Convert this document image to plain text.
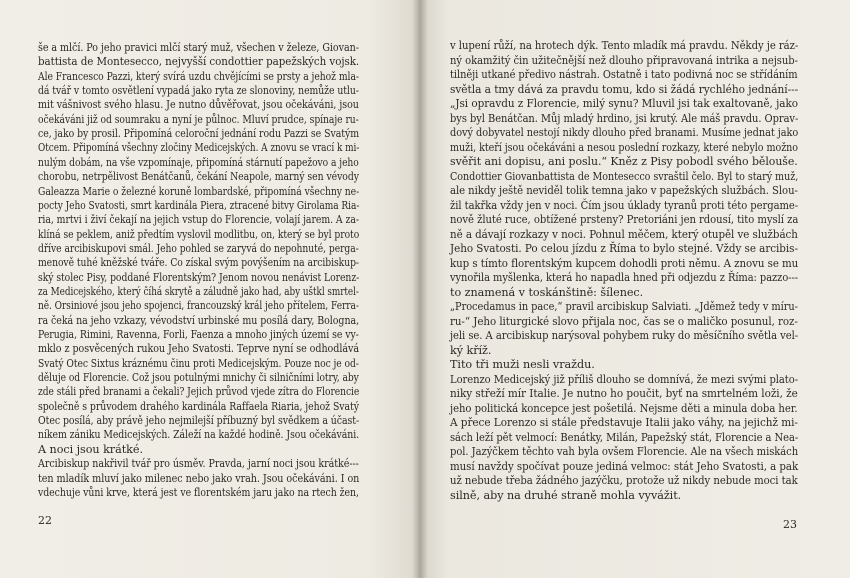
še a mlčí. Po jeho pravici mlčí starý muž, všechen v železe, Giovan-
battista de Montesecco, nejvyšší condottier papežských vojsk.
Ale Francesco Pazzi, který svírá uzdu chvějícími se prsty a jehož mla-
dá tvář v tomto osvětlení vypadá jako ryta ze slonoviny, nemůže utlu-
mit vášnivost svého hlasu. Je nutno důvěřovat, jsou očekáváni, jsou
očekáváni již od soumraku a nyní je půlnoc. Mluví prudce, spínaje ru-
ce, jako by prosil. Připomíná celoroční jednání rodu Pazzi se Svatým
Otcem. Připomíná všechny zločiny Medicejských. A znovu se vrací k mi-
nulým dobám, na vše vzpomínaje, připomíná stárnutí papežovo a jeho
chorobu, netrpělivost Benátčanů, čekání Neapole, marný sen vévody
Galeazza Marie o železné koruně lombardské, připomíná všechny ne-
pocty Jeho Svatosti, smrt kardinála Piera, ztracené bitvy Girolama Ria-
ria, mrtvi i živí čekají na jejich vstup do Florencie, volají jarem. A za-
klíná se peklem, aniž předtím vyslovil modlitbu, on, který se byl proto
dříve arcibiskupovi smál. Jeho pohled se zaryvá do nepohnuté, perga-
menově tuhé kněžské tváře. Co získal svým povýšením na arcibiskup-
ský stolec Pisy, poddané Florentským? Jenom novou nenávist Lorenz-
za Medicejského, který číhá skrytě a záludně jako had, aby uštkl smrtel-
ně. Orsiniové jsou jeho spojenci, francouzský král jeho přítelem, Ferra-
ra čeká na jeho vzkazy, vévodství urbinské mu posílá dary, Bologna,
Perugia, Rimini, Ravenna, Forli, Faenza a mnoho jiných území se vy-
mklo z posvěcených rukou Jeho Svatosti. Teprve nyní se odhodlává
Svatý Otec Sixtus kráznému činu proti Medicejským. Pouze noc je od-
děluje od Florencie. Což jsou potulnými mnichy či silničními lotry, aby
zde stáli před branami a čekali? Jejich průvod vjede zítra do Florencie
společně s průvodem drahého kardinála Raffaela Riaria, jehož Svatý
Otec posílá, aby právě jeho nejmilejší příbuzný byl svědkem a účast-
níkem zániku Medicejských. Záleží na každé hodině. Jsou očekáváni.
A noci jsou krátké.
Arcibiskup nakřivil tvář pro úsměv. Pravda, jarní noci jsou krátké---
ten mladík mluví jako milenec nebo jako vrah. Jsou očekáváni. I on
vdechuje vůni krve, která jest ve florentském jaru jako na rtech žen,
22
v lupení růží, na hrotech dýk. Tento mladík má pravdu. Někdy je ráz-
ný okamžitý čin užitečnější než dlouho připravovaná intrika a nejsub-
tilněji utkané předivo nástrah. Ostatně i tato podivná noc se střídáním
světla a tmy dává za pravdu tomu, kdo si žádá rychlého jednání---
„Jsi opravdu z Florencie, milý synu? Mluvil jsi tak exaltovaně, jako
bys byl Benátčan. Můj mladý hrdino, jsi krutý. Ale máš pravdu. Oprav-
dový dobyvatel nestojí nikdy dlouho před branami. Musíme jednat jako
muži, kteří jsou očekáváni a nesou poslední rozkazy, které nebylo možno
svěřit ani dopisu, ani poslu.“ Kněz z Pisy pobodl svého běloušе.
Condottier Giovanbattista de Montesecco svraštil čelo. Byl to starý muž,
ale nikdy ještě neviděl tolik temna jako v papežských službách. Slou-
žil takřka vždy jen v noci. Čím jsou úklady tyranů proti této pergame-
nově žluté ruce, obtížené prsteny? Pretoriáni jen rdousí, tito myslí za
ně a dávají rozkazy v noci. Pohnul měčem, který otupěl ve službách
Jeho Svatosti. Po celou jízdu z Říma to bylo stejné. Vždy se arcibis-
kup s tímto florentským kupcem dohodli proti němu. A znovu se mu
vynořila myšlenka, která ho napadla hned při odjezdu z Říma: pazzo---
to znamená v toskánštině: šílenec.
„Procedamus in pace,“ pravil arcibiskup Salviati. „Jděmež tedy v míru-
ru-“ Jeho liturgické slovo přijala noc, čas se o maličko posunul, roz-
jeli se. A arcibiskup narýsoval pohybem ruky do měsíčního světla vel-
ký kříž.
Tito tři muži nesli vraždu.
Lorenzo Medicejský již příliš dlouho se domnívá, že mezi svými plato-
niky střeží mír Italie. Je nutno ho poučit, byť na smrtelném loži, že
jeho politická koncepce jest pošetilá. Nejsme děti a minula doba her.
A přece Lorenzo si stále představuje Italii jako váhy, na jejichž mi-
sách leží pět velmocí: Benátky, Milán, Papežský stát, Florencie a Nea-
pol. Jazýčkem těchto vah byla ovšem Florencie. Ale na všech miskách
musí navždy spočívat pouze jediná velmoc: stát Jeho Svatosti, a pak
už nebude třeba žádného jazýčku, protože už nikdy nebude moci tak
silně, aby na druhé straně mohla vyvážit.
23
